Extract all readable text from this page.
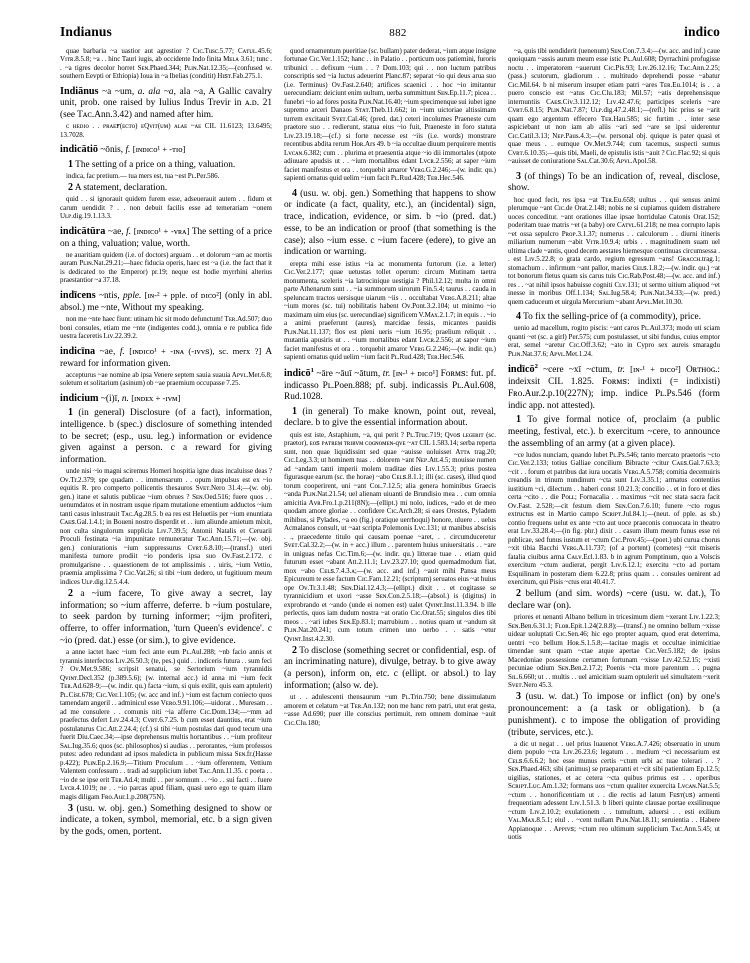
Indianus	882	indico

quae barbaria ~a uastior aut agrestior ? Cɪᴄ.Tusc.5.77; Cᴀᴛᴜʟ.45.6; Vɪᴛʀ.8.5.8; ~a . . hinc Tauri iugis, ab occidente Indo finita Mᴇʟᴀ 3.61; tunc . . ~a tigres decolor horret Sᴇɴ.Phaed.344; Pʟɪɴ.Nat.12.35;—(confused w. southern Eevpti or Ethiopia) Ioua in ~a Ibelias (conditit) Hɪꜱᴛ.Fab.275.1.

Indiānus ~a ~um, a. ala ~a, ala ~a, A Gallic cavalry unit, prob. one raised by Iulius Indus Trevir in ᴀ.ᴅ. 21 (see Tᴀᴄ.Ann.3.42) and named after him.

ᴄ ʜᴇᴅɪᴏ . . ᴘʀᴀᴇꜰ(ᴇᴄᴛᴏ) ᴇQᴠɪᴛ(ᴜᴍ) ᴀʟᴀᴇ ~ᴀᴇ CIL 11.6123; 13.6495; 13.7028.

indicātiō ~ōnis, f. [ɪɴᴅɪᴄᴏ¹ + -ᴛɪᴏ]

1 The setting of a price on a thing, valuation.

indica, fac pretium.— tua mers est, tua ~est Pʟ.Per.586.

2 A statement, declaration.

quid . . si ignorauit quidem furem esse, adseuerauit autem . . fidum et carum uendidit ? . . non debuit facilis esse ad temerariam ~onem Uʟᴘ.dig.19.1.13.3.

indicātūra ~ae, f. [ɪɴᴅɪᴄᴏ¹ + -ᴠʀᴀ] The setting of a price on a thing, valuation; value, worth.

ne auaritiam quidem (i.e. of doctors) arguam . . et dolorum ~am ac mortis auram Pʟɪɴ.Nat.29.21;—haec fiducia operis, haec est ~a (i.e. the fact that it is dedicated to the Emperor) pr.19; neque est hodie myrrhini alterius praestantior ~a 37.18.

indīcens ~ntis, pple. [ɪɴ-² + pple. of ᴅɪᴄᴏ²] (only in abl. absol.) me ~nte, Without my speaking.

non me ~nte haec fiunt: utinam hic sit modo defunctum! Tᴇʀ.Ad.507; duo boni consules, etiam me ~nte (indigentes codd.), omnia e re publica fide uestra faceretis Lɪᴠ.22.39.2.

indicīna ~ae, f. [ɪɴᴅɪᴄᴏ¹ + -ɪɴᴀ (-ɪᴠᴠꜱ), sc. merx ?] A reward for information given.

accepturus ~ae nomine ab ipsa Venere septem sauia suauia Aᴘᴠʟ.Met.6.8; soletum et solitarium (asinum) ob ~ae praemium occupasse 7.25.

indicium ~(i)ī, n. [ɪɴᴅᴇx + -ɪᴠᴍ]

1 (in general) Disclosure (of a fact), information, intelligence. b (spec.) disclosure of something intended to be secret; (esp., usu. leg.) information or evidence given against a person. c a reward for giving information.

unde nisi ~io magni sciremus Homeri hospitia igne duas incaluisse deas ? Oᴠ.Tr.2.379; spe quadam . . immensarum . . opum impulsus est ex ~io equitis R. pro comperto pollicentis thesauros Sᴠᴇᴛ.Nero 31.4;—(w. obj. gen.) itane et salutis publicae ~ium obrues ? Sᴇɴ.Oed.516; fuere quos . . uenumdatos et in nostram usque ripam mutatione ementium adductos ~ium tanti casus inlustrauit Tᴀᴄ.Ag.28.5. b ea res est Heluetiis per ~ium enuntiata Cᴀᴇꜱ.Gal.1.4.1; in Boueni nostro disperdit et . . ium aliunde amietum mixit, non culta singulorum supplicia Lɪᴠ.7.39.5; Antonii Natalis et Ceruarii Proculi festinata ~ia impunitate remuneratur Tᴀᴄ.Ann.15.71;—(w. obj. gen.) coniurationis ~ium suppressurus Cᴠʀᴛ.6.8.10;—(transf.) uteri manifesta tumore prodiit ~io ponderis ipsa suo Oᴠ.Fast.2.172. c promulgarisne . . quaestionem de tot amplissimis . . uiris, ~ium Vettio, praemia amplissima ? Cɪᴄ.Vat.26; si tibi ~ium dedero, ut fugitiuum meum indices Uʟᴘ.dig.12.5.4.4.

2 a ~ium facere, To give away a secret, lay information; so ~ium afferre, deferre. b ~ium postulare, to seek pardon by turning informer; ~ijm profiteri, offerre, to offer information, 'turn Queen's evidence'. c ~io (pred. dat.) esse (or sim.), to give evidence.

a anne iactet haec ~ium feci ante eum Pʟ.Aul.288; ~nb facio annis et tyrannis interfectos Lɪᴠ.26.50.3; (te, pes.) quid . . indiceris futura . . sum feci ? Oᴠ.Met.9.586; scripsit senatui, se Sertorium ~ium tyrannidis Qᴠɪɴᴛ.Decl.352 (p.389.5.6); (w. internal acc.) id anna mi ~ium fecit Tᴇʀ.Ad.628-9;—(w. indir. qu.) facta ~ium, si quis exilit, quis eam aptulerit) Pʟ.Cist.678; Cɪᴄ.Ver.1.105; (w. acc and inf.) ~ium est factum coniecto quos tamendam angeril . . adminicul esse Vᴇʀᴏ.9.91.106;—uidorat . . Muresam . . ad me consulere . . comunis niti ~ia afferre Cɪᴄ.Dom.134;—~mm ad praefectus defert Lɪᴠ.24.4.3; Cᴠʀᴛ.6.7.25. b cum esset dauntius, erat ~ium postulaturus Cɪᴄ.Att.2.24.4; (cf.) si tibi ~ium postulas dari quod tecum una fuerit Diu.Caec.34;—ipse deprehensus multis hortantibus . . ~ium profiteur Sᴀʟ.Iug.35.6; quos (sc. philosophos) si audias . . perorantes, ~ium professos putes: adeo redundant ad ipsos maledicta in publicum missa Sᴇɴ.fr.(Hasse p.422); Pʟɪɴ.Ep.2.16.9;—Titium Proculum . . ~ium offerentem, Vettium Valentem confessum . . tradi ad supplicium iubet Tᴀᴄ.Ann.11.35. c poeta . . ~io de se ipse erit Tᴇʀ.Ad.4; multi . . per somnum . . ~io . . sui facti . . fuere Lᴠᴄʀ.4.1019; ne . . ~io parcas apud filiam, quasi uero ego te quam illam magis diligam Fʀᴏ.Aur.1.p.208(75N).

3 (usu. w. obj. gen.) Something designed to show or indicate, a token, symbol, memorial, etc. b a sign given by the gods, omen, portent.

quod ornamentum pueritiae (sc. bullam) pater dederat, ~ium atque insigne fortunae Cɪᴄ.Ver.1.152; hanc . . in Palatio . . porticum uos patiemini, furoris tribunici . . defixum ~ium . . ? Dom.103; qui . . non luctum patribus conscriptis sed ~ia luctus adeuerint Planc.87; separat ~io qui deus arua suo (i.e. Terminus) Oᴠ.Fast.2.640; artifices scaenici . . hoc ~io imitantur uerecundiam: deiciunt enim uultum, uerba summittunt Sᴇɴ.Ep.11.7; picea . . funebri ~io ad fores posita Pʟɪɴ.Nat.16.40; ~ium specimenque sui iubet igne supremo arceri Danaos Sᴛᴀᴛ.Theb.11.662; in ~ium uictoriae altissimam turrem excitauit Sᴠᴇᴛ.Cal.46; (pred. dat.) ceteri incolumes Praeneste cum praetore suo . . redierunt, statua eius ~io fuit, Praeneste in foro statuta Lɪᴠ.23.19.18;—(cf.) si forte necesse est ~iis (i.e. words) monstrare recentibus abdita rerum Hᴏʀ.Ars 49. b ~ia occultae diuum perquirere mentis Lᴠᴄᴀɴ.6.382; cum . . plurima et praesentia atque ~io dii immortales (utpote adiuuare apudsis ut . . ~ium mortalibus edant Lᴠᴄʀ.2.556; at saper ~ium faciet manifestus et ora . . torquebit amaror Vᴇʀɢ.G.2.246;—(w. indir. qu.) sapienti ornatus quid uelim ~ium facit Pʟ.Rud.428; Tᴇʀ.Hec.546.

4 (usu. w. obj. gen.) Something that happens to show or indicate (a fact, quality, etc.), an (incidental) sign, trace, indication, evidence, or sim. b ~io (pred. dat.) esse, to be an indication or proof (that something is the case); also ~ium esse. c ~ium facere (edere), to give an indication or warning.

erepta mihi esse istius ~ia ac monumenta furtorum (i.e. a letter) Cɪᴄ.Ver.2.177; quae uetustas tollet operum: circum Mutinam taetra monumenta, sceleris ~ia latrocinique uestigia ? Phil.12.12; multa in omni parte Athenarum sunt . . ~ia summorum uirorum Fin.5.4; taurus . . cauda in speluncam tractos uersisque uiarum ~iis . . occultabat Vᴇʀɢ.A.8.211; altae ~ium mores (sc. tui) nobilitatis habent Oᴠ.Pont.3.2.104; ut minimo ~io maximam uim eius (sc. uerecundiae) significem V.Mᴀx.2.1.7; in equis . . ~io a animi praeferunt (aures), marcidae fessis, micantes pauidis Pʟɪɴ.Nat.11.137; flos est pleni ueris ~ium 16.95; praelium reliquit . . mutantia apusiris ut . . ~ium mortalibus edant Lᴠᴄʀ.2.556; at sapor ~ium faciet manifestus et ora . . torquebit amaror Vᴇʀɢ.G.2.246;—(w. indir. qu.) sapienti ornatus quid uelim ~ium facit Pʟ.Rud.428; Tᴇʀ.Hec.546.

indicō$^1$ ~āre ~āuī ~ātum, tr. [ɪɴ-¹ + ᴅɪᴄᴏ¹] Fᴏʀᴍꜱ: fut. pf. indicasso Pʟ.Poen.888; pf. subj. indicassis Pʟ.Aul.608, Rud.1028.

1 (in general) To make known, point out, reveal, declare. b to give the essential information about.

quis est iste, Astaphium, ~a, qui perit ? Pʟ.Truc.719; Qᴠᴏꜱ ʟᴇɢᴇʀɪᴛ (sc. praetor), ᴇᴏꜱ ᴘᴀᴛʀᴇᴍ ᴛʀɪʙᴠᴍ ᴄᴏɢɴᴏᴍᴇɴ-qᴠᴇ ~ᴀᴛ CIL 1.583.14; serba reperta sunt, non quae liquidissint sed quae ~auisse uoluisset Aᴛᴛᴀ trag.20; Cɪᴄ.Leg.3.3; ut hominem tuas . . dolorem ~ant Nᴇᴘ.Att.4.5; mouisse numen ad ~andam tanti imperii molem traditae dies Lɪᴠ.1.55.3; prius postea figurasque earum (sc. the horae) ~abo Cᴇʟꜱ.8.1.1; illi (sc. cases), illud quod torum cooperirent, uni ~ant Cᴏʟ.7.12.5; alia genera hominibus Graecis ~anda Pʟɪɴ.Nat.21.54; uel alienam uiuanti de Brundisio mea . . cum omnia amicitia Aᴠʀ.Fro.1.p.211(8N);—(ellipt.) mi nolo, iudices, ~ado et de meo quodam amore gloriae . . confidere Cɪᴄ.Arch.28; si eaes Orestes, Pyladem mihibus, si Pylades, ~a eo (fig.) oratique uerrhoqui) honore, uluere . . uelus Acmalanos consult, ut ~aat scripta Polemonis Lᴠᴄ.131; ut manibus abscisis . ., praecedente titulo qui causam poenae ~aret, . . circumduceretur Sᴠᴇᴛ.Cal.32.2;—(w. in + acc.) illum . . parentem huius uniuersitatis . . ~are in uniguas nefas Cɪᴄ.Tim.6;—(w. indir. qu.) litterae tuae . . etiam quid futurum esset ~abant Att.2.11.1; Lɪᴠ.23.27.10; quod quemadmodum fiat, mox ~abo Cᴇʟꜱ.7.4.3.ᴀ;—(w. acc. and inf.) ~auit mihi Pansa meus Epicureum te esse factum Cɪᴄ.Fam.12.21; (scriptum) seruatos eius ~at huius ope Oᴠ.Tr.3.1.48; Sᴇɴ.Dial.12.4.3;—(ellipt.) dixit . . et cogitasse se tyrannicidium et uxori ~asse Sᴇɴ.Con.2.5.18;—(absol.) is (digitus) in exprobrando et ~ando (unde ei nomen est) ualet Qᴠɪɴᴛ.Inst.11.3.94. b ille perlectis, quos iam dudum nostra ~at oratio Cɪᴄ.Orat.55; singulos dies tibi meos . . ~ari iubes Sᴇɴ.Ep.83.1; marrubium . . notius quam ut ~andum sit Pʟɪɴ.Nat.20.241; cum totum crimen uno uerbo . . satis ~etur Qᴠɪɴᴛ.Inst.4.2.30.

2 To disclose (something secret or confidential, esp. of an incriminating nature), divulge, betray. b to give away (a person), inform on, etc. c (ellipt. or absol.) to lay information; (also w. de).

ut . . adulescenti thensaurum ~um Pʟ.Trin.750; bene dissimulatum amorem et celatum ~at Tᴇʀ.An.132; non me hanc rem patri, utut erat gesta, ~asse Ad.690; puer ille conscius pertimuit, rem omnem dominae ~auit Cɪᴄ.Clu.180;

~a, quis tibi uendiderit (uenenum) Sᴇɴ.Con.7.3.4;—(w. acc. and inf.) caue quoiquam ~assis aurum meum esse istic Pʟ.Aul.608; Dyrrachini profugisse noctu . . imperatorem ~auerunt Cɪᴄ.Pis.93; Lɪᴠ.26.12.16; Tᴀᴄ.Ann.2.25; (pass.) scutorum, gladiorum . . multitudo deprehendi posse ~abatur Cɪᴄ.Mil.64. b ni miserum insuper etiam patri ~ares Tᴇʀ.Eu.1014; is . . a puero conscio est ~atus Cɪᴄ.Clu.183; Mil.57; ~atis deprehensisque internuntiis Cᴀᴇꜱ.Civ.3.112.12; Lɪᴠ.42.47.6; participes sceleris ~are Cᴠʀᴛ.6.8.15; Pʟɪɴ.Nat.7.87; Uʟᴘ.dig.47.2.48.1;—(refl.) hic prius se ~arit quam ego argentum effecero Tᴇʀ.Hau.585; sic furtim . . inter sese aspiciebant ut non iam ab aliis ~ari sed ~are se ipsi uiderentur Cɪᴄ.Catil.3.13; Nᴇᴘ.Paus.4.3;—(w. personal obj. quique is pater quasi et quae meus . . eumque Oᴠ.Met.9.744; cum tacemus, suspecti sumus Cᴠʀᴛ.6.10.35;—quis tibi, Maeli, de epistulis istis ~auit ? Cɪᴄ.Flac.92; si quis ~auisset de coniuratione Sᴀʟ.Cat.30.6; Aᴘᴠʟ.Apol.58.

3 (of things) To be an indication of, reveal, disclose, show.

hoc quod fecit, res ipsa ~at Tᴇʀ.Eu.658; uultus . . qui sensus animi plerumque ~ant Cɪᴄ.de Orat.2.148; nobis ne si cupiamus quidem distrahere uoces conceditur. ~ant orationes illae ipsae horridulae Catonis Orat.152; poderitam tuae matris ~et (a baby) ore Cᴀᴛᴠʟ.61.218; ne mea corrupto lapis ~et ossa sepulcro Pʀᴏᴘ.3.1.37; numerus . . calculorum . . diurni itineris miliarium numerum ~abit Vɪᴛʀ.10.9.4; urbis . . magnitudinem suam uel ultima clade ~antis, quod decem aestates hiemesque continuas circumsessa . . est Lɪᴠ.5.22.8; o grata cardo, regium egressum ~ans! Gʀᴀᴄᴄʜ.trag.1; stomachum . . infirmum ~ant pallor, macies Cᴇʟꜱ.1.8.2;—(w. indir. qu.) ~at tot bonorum fletus quam sis carus tuis Cɪᴄ.Rab.Post.48;—(w. acc. and inf.) res . . ~at nihil ipsos habuisse cogniti Cʟᴠ.131; ut sermo uitium aliquod ~et inesse in moribus Off.1.134; Sᴀʟ.Iug.58.4; Pʟɪɴ.Nat.34.33;—(w. pred.) quem caduceum et uirgula Mercurium ~abant Aᴘᴠʟ.Met.10.30.

4 To fix the selling-price of (a commodity), price.

uenio ad macellum, rogito piscis: ~ant caros Pʟ.Aul.373; modo uti sciam quanti ~et (sc. a girl) Per.575; cum postulasset, ut sibi fundus, cuius emptor erat, semel ~aretur Cɪᴄ.Off.3.62; ~ato in Cypro sex aureis smaragdu Pʟɪɴ.Nat.37.6; Aᴘᴠʟ.Met.1.24.

indīcō$^2$ ~cere ~xī ~ctum, tr. [ɪɴ-¹ + ᴅɪᴄᴏ²] Oʀᴛʜᴏɢ.: indeixsit CIL 1.825. Fᴏʀᴍꜱ: indixti (= indixisti) Fʀᴏ.Aur.2.p.10(227N); imp. indice Pʟ.Ps.546 (form indic app. not attested).

1 To give formal notice of, proclaim (a public meeting, festival, etc.). b exercitum ~cere, to announce the assembling of an army (at a given place).

~ce ludos nunciam, quando lubet Pʟ.Ps.546; tanto mercato praetoris ~cto Cɪᴄ.Ver.2.133; totius Galliae concilium Bibracte ~citur Cᴀᴇꜱ.Gal.7.63.3; ~cit . . forum et patribus dat iura uocatis Vᴇʀɢ.A.5.758; comitia decemuiris creandis in trinum nundinum ~cta sunt Lɪᴠ.3.35.1; armatus contentius iustitium ~ci, dilectum . . haberi const 10.21.3; concilio . . et in foro et dies certa ~cito . . die Pᴏʟʟ; Fornacalia . . maximus ~cit nec stata sacra facit Oᴠ.Fast. 2.528;—cit festum diem Sᴇɴ.Con.7.6.10; funere ~cto rogus extructus est in Martio campo Sᴄʀɪᴘᴛ.Jul.84.1;—(neut. of pple. as sb.) contio frequens uelut ex ante ~cto aut uoce praeconis conuocata in theatro erat Lɪᴠ.33.28.4;—(in fig. phr.) dixit . . casum illum meum funus esse rei publicae, sed funus iustum et ~ctum Cɪᴄ.Prov.45;—(poet.) ubi curua chorus ~xit tibia Bacchi Vᴇʀɢ.A.11.737; (of a portent) (cometes) ~xit miseris fatalia ciuibus arma Cᴀʟᴠ.Ecl.1.83. b in agrum Pomptinum, quo a Volscis exercitum ~ctum audierat, pergit Lɪᴠ.6.12.1; exercitu ~cto ad portam Esquilinam in posteram diem 6.22.8; prius quam . . consules uenirent ad exercitum, qui Pisis ~ctus erat 40.41.7.

2 bellum (and sim. words) ~cere (usu. w. dat.), To declare war (on).

priores et uenanti Albano bellum in tricesimum diem ~xerant Lɪᴠ.1.22.3; Sᴇɴ.Ben.6.31.1; Fʟᴏʀ.Epit.1.24(2.8.8);—(transf.) ne omnino bellum ~xisse uidear uoluptati Cɪᴄ.Sen.46; hic ego propter aquam, quod erat deterrima, uentri ~co bellum Hᴏʀ.S.1.5.8;—tacitae magis et occultae inimicitiae timendae sunt quam ~ctae atque apertae Cɪᴄ.Ver.5.182; de ipsius Macedoniae possessione certamen fortunam ~xisse Lɪᴠ.42.52.15; ~xisti pecuniae odium Sᴇɴ.Ben.2.17.2; Poenis ~cta more parentum . . pugna Sɪʟ.6.660; ut . . multis . . uel amicitiam suam optulerit uel simultatem ~xerit Sᴠᴇᴛ.Nero 45.3.

3 (usu. w. dat.) To impose or inflict (on) by one's pronouncement: a (a task or obligation). b (a punishment). c to impose the obligation of providing (tribute, services, etc.).

a dic ut negat . . uel prius luauenot Vᴇʀɢ.A.7.426; obseruatio in unum diem populo ~cta Lɪᴠ.26.23.6; legatum . . medium ~ci necessarium est Cᴇʟꜱ.6.6.6.2; hoc esse munus certis ~ctum urbi ac tuae tolerari . . ? Sᴇɴ.Phaed.463; sibi (animus) se praeparanti et ~cit sibi patientiam Ep.12.5; uigilias, stationes, et ac cetera ~cta quibus primus est . . operibus Sᴄʀɪᴘᴛ.Lᴜᴄ.Am.1.32; formans uos ~ctum qualiter exuercita Lᴠᴄᴀɴ.Nat.5.5; ~ctum . . honorificentiam ut . . die rectis ad latum Fᴇꜱᴛ(ᴜꜱ) armenti frequentiam adessent Lɪᴠ.1.51.3. b liberi quinte clausae portae exsilinuque ~ctum Lɪᴠ.2.10.2; exulationem . . tumultum, aduersi . . esti exilium Vᴀʟ.Mᴀx.8.5.1; eiul . . ~cent nullam Pʟɪɴ.Nat.18.11; seruientia . . Habere Appianoque . . Aᴘᴘɪᴠꜱ; ~ctum reo ultimum supplicium Tᴀᴄ.Ann.5.45; ut uotis
